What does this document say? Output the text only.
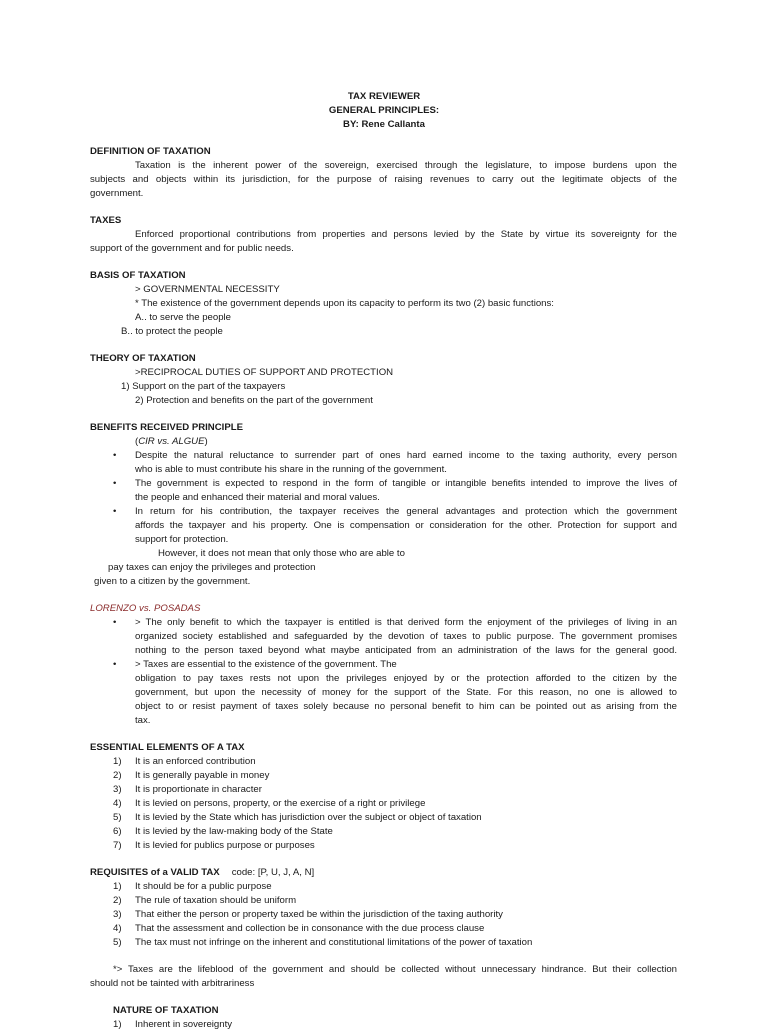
TAX REVIEWER
GENERAL PRINCIPLES:
BY: Rene Callanta
DEFINITION OF TAXATION
Taxation is the inherent power of the sovereign, exercised through the legislature, to impose burdens upon the
subjects and objects within its jurisdiction, for the purpose of raising revenues to carry out the legitimate objects of the
government.
TAXES
Enforced proportional contributions from properties and persons levied by the State by virtue its sovereignty for the
support of the government and for public needs.
BASIS OF TAXATION
> GOVERNMENTAL NECESSITY
* The existence of the government depends upon its capacity to perform its two (2) basic functions:
A.. to serve the people
B.. to protect the people
THEORY OF TAXATION
>RECIPROCAL DUTIES OF SUPPORT AND PROTECTION
1) Support on the part of the taxpayers
2) Protection and benefits on the part of the government
BENEFITS RECEIVED PRINCIPLE
(CIR vs. ALGUE)
• Despite the natural reluctance to surrender part of ones hard earned income to the taxing authority, every person
who is able to must contribute his share in the running of the government.
• The government is expected to respond in the form of tangible or intangible benefits intended to improve the lives of
the people and enhanced their material and moral values.
• In return for his contribution, the taxpayer receives the general advantages and protection which the government
affords the taxpayer and his property. One is compensation or consideration for the other. Protection for support and
support for protection.
However, it does not mean that only those who are able to
pay taxes can enjoy the privileges and protection
given to a citizen by the government.
LORENZO vs. POSADAS
• > The only benefit to which the taxpayer is entitled is that derived form the enjoyment of the privileges of living in an
organized society established and safeguarded by the devotion of taxes to public purpose. The government promises
nothing to the person taxed beyond what maybe anticipated from an administration of the laws for the general good.
• > Taxes are essential to the existence of the government. The
obligation to pay taxes rests not upon the privileges enjoyed by or the protection afforded to the citizen by the
government, but upon the necessity of money for the support of the State. For this reason, no one is allowed to
object to or resist payment of taxes solely because no personal benefit to him can be pointed out as arising from the
tax.
ESSENTIAL ELEMENTS OF A TAX
1) It is an enforced contribution
2) It is generally payable in money
3) It is proportionate in character
4) It is levied on persons, property, or the exercise of a right or privilege
5) It is levied by the State which has jurisdiction over the subject or object of taxation
6) It is levied by the law-making body of the State
7) It is levied for publics purpose or purposes
REQUISITES of a VALID TAX code: [P, U, J, A, N]
1) It should be for a public purpose
2) The rule of taxation should be uniform
3) That either the person or property taxed be within the jurisdiction of the taxing authority
4) That the assessment and collection be in consonance with the due process clause
5) The tax must not infringe on the inherent and constitutional limitations of the power of taxation
*> Taxes are the lifeblood of the government and should be collected without unnecessary hindrance. But their collection
should not be tainted with arbitrariness
NATURE OF TAXATION
1) Inherent in sovereignty
